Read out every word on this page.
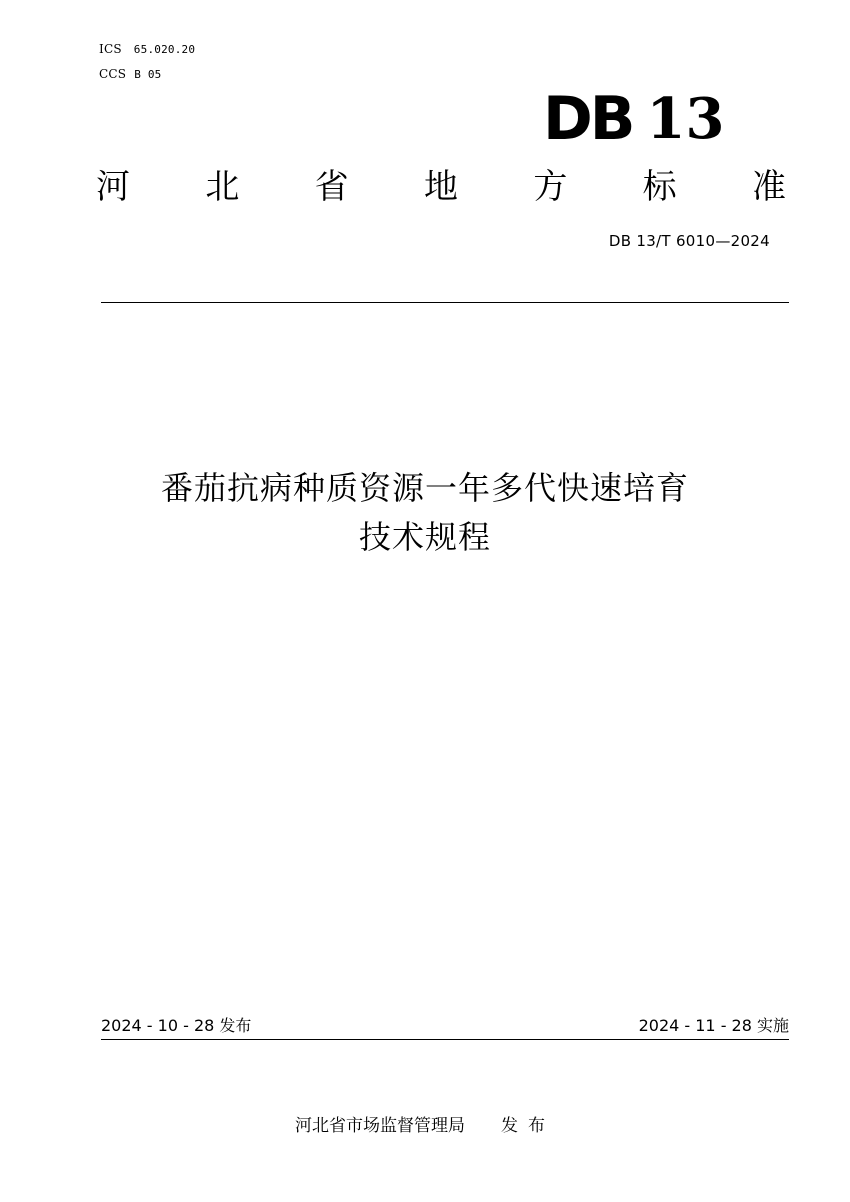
ICS 65.020.20
CCS B 05
DB 13
河 北 省 地 方 标 准
DB 13/T 6010—2024
番茄抗病种质资源一年多代快速培育
技术规程
2024 - 10 - 28 发布	2024 - 11 - 28 实施
河北省市场监督管理局 发布
